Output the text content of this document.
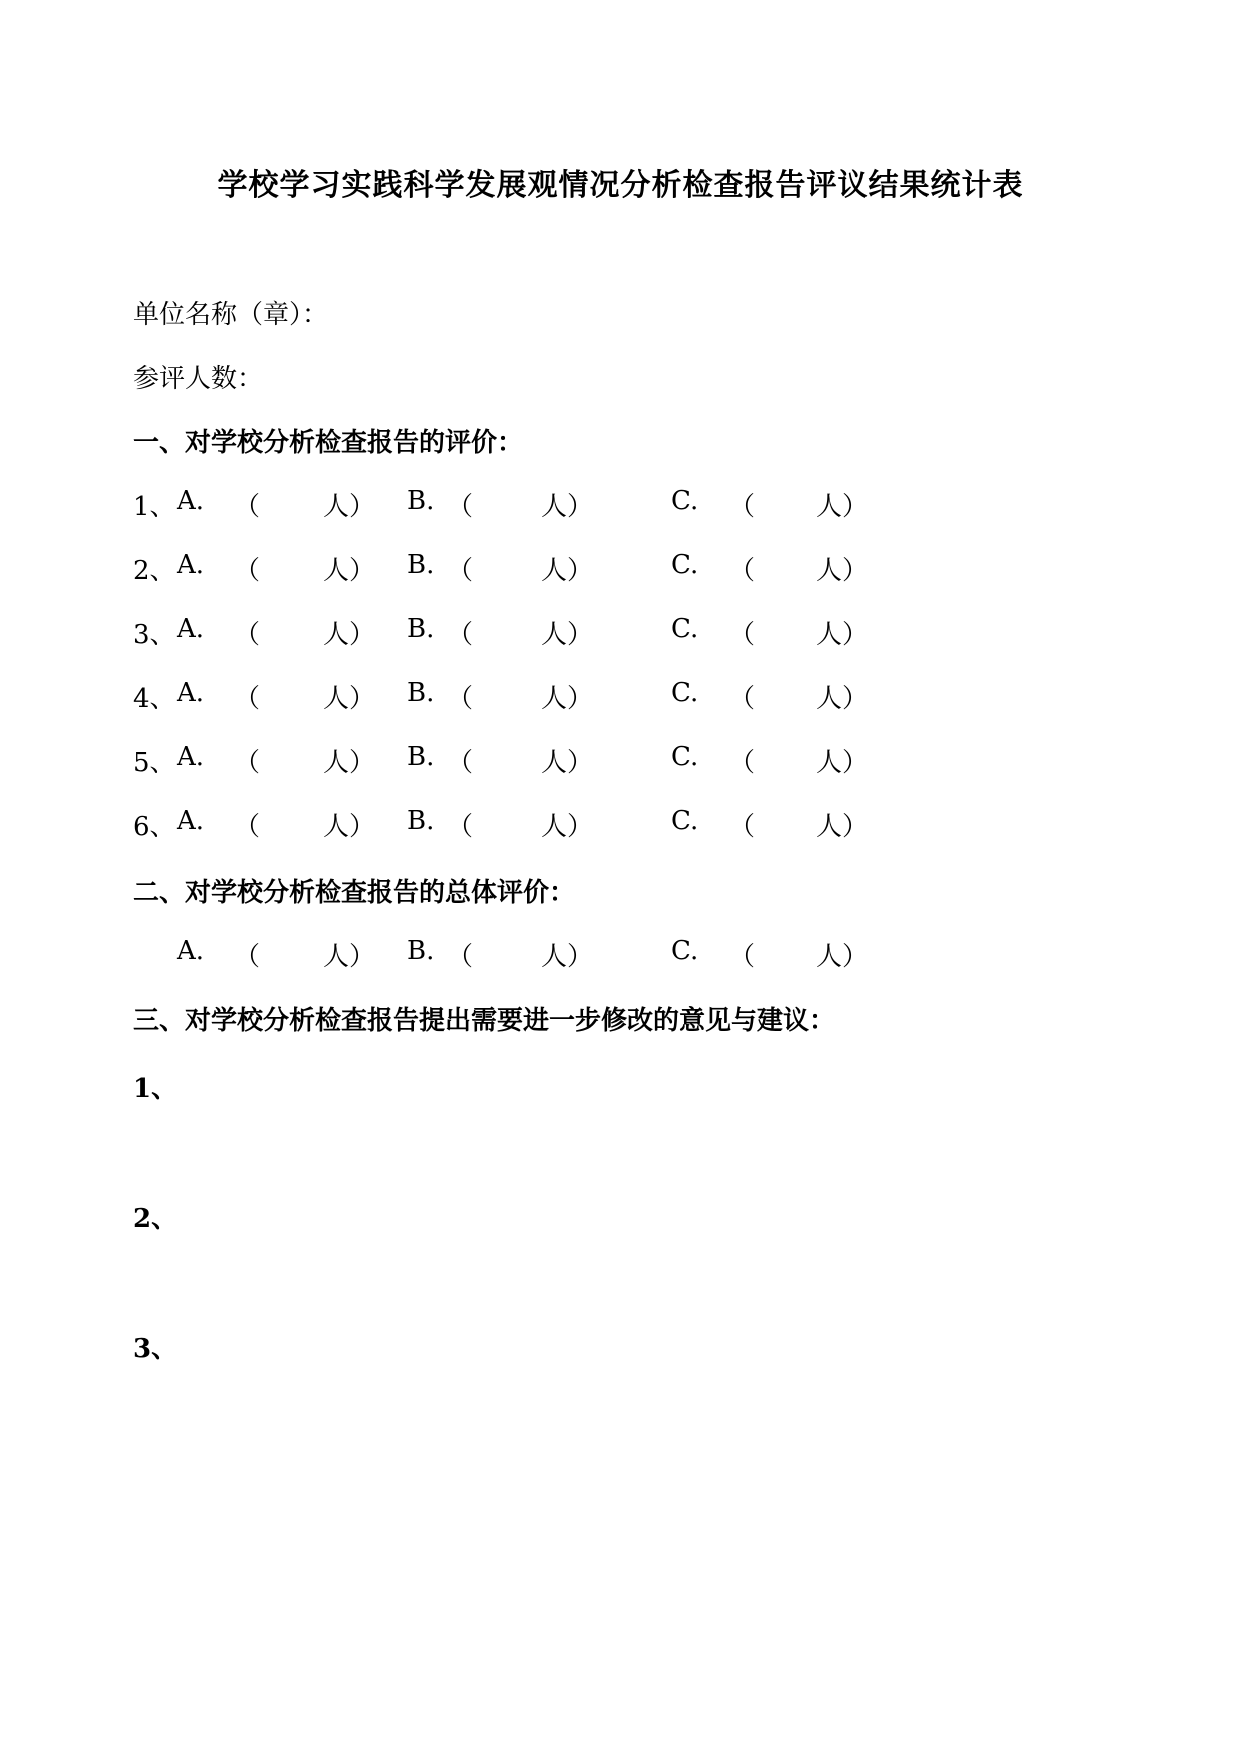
学校学习实践科学发展观情况分析检查报告评议结果统计表
单位名称（章）：
参评人数：
一、对学校分析检查报告的评价：
1、 A. （ 人） B. （	人）	C. （ 人）
2、 A. （ 人） B. （	人）	C. （ 人）
3、 A. （ 人） B. （	人）	C. （ 人）
4、 A. （ 人） B. （	人）	C. （ 人）
5、 A. （ 人） B. （	人）	C. （ 人）
6、 A. （ 人） B. （	人）	C. （ 人）
二、对学校分析检查报告的总体评价：
A. （ 人） B. （	人）	C. （ 人）
三、对学校分析检查报告提出需要进一步修改的意见与建议：
1、
2、
3、
